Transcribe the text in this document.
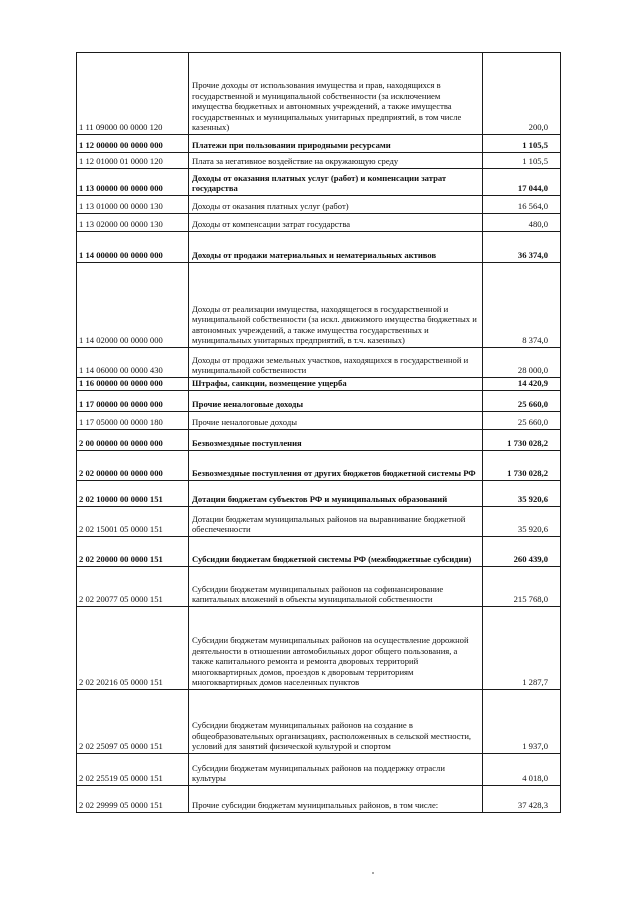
1 11 09000 00 0000 120	Прочие доходы от использования имущества и прав, находящихся в государственной и муниципальной собственности (за исключением имущества бюджетных и автономных учреждений, а также имущества государственных и муниципальных унитарных предприятий, в том числе казенных)	200,0
1 12 00000 00 0000 000	Платежи при пользовании природными ресурсами	1 105,5
1 12 01000 01 0000 120	Плата за негативное воздействие на окружающую среду	1 105,5
1 13 00000 00 0000 000	Доходы от оказания платных услуг (работ) и компенсации затрат государства	17 044,0
1 13 01000 00 0000 130	Доходы от оказания платных услуг (работ)	16 564,0
1 13 02000 00 0000 130	Доходы от компенсации затрат государства	480,0
1 14 00000 00 0000 000	Доходы от продажи материальных и нематериальных активов	36 374,0
1 14 02000 00 0000 000	Доходы от реализации имущества, находящегося в государственной и муниципальной собственности (за искл. движимого имущества бюджетных и автономных учреждений, а также имущества государственных и муниципальных унитарных предприятий, в т.ч. казенных)	8 374,0
1 14 06000 00 0000 430	Доходы от продажи земельных участков, находящихся в государственной и муниципальной собственности	28 000,0
1 16 00000 00 0000 000	Штрафы, санкции, возмещение ущерба	14 420,9
1 17 00000 00 0000 000	Прочие неналоговые доходы	25 660,0
1 17 05000 00 0000 180	Прочие неналоговые доходы	25 660,0
2 00 00000 00 0000 000	Безвозмездные поступления	1 730 028,2
2 02 00000 00 0000 000	Безвозмездные поступления от других бюджетов бюджетной системы РФ	1 730 028,2
2 02 10000 00 0000 151	Дотации бюджетам субъектов РФ и муниципальных образований	35 920,6
2 02 15001 05 0000 151	Дотации бюджетам муниципальных районов на выравнивание бюджетной обеспеченности	35 920,6
2 02 20000 00 0000 151	Субсидии бюджетам бюджетной системы РФ (межбюджетные субсидии)	260 439,0
2 02 20077 05 0000 151	Субсидии бюджетам муниципальных районов на софинансирование капитальных вложений в объекты муниципальной собственности	215 768,0
2 02 20216 05 0000 151	Субсидии бюджетам муниципальных районов на осуществление дорожной деятельности в отношении автомобильных дорог общего пользования, а также капитального ремонта и ремонта дворовых территорий многоквартирных домов, проездов к дворовым территориям многоквартирных домов населенных пунктов	1 287,7
2 02 25097 05 0000 151	Субсидии бюджетам муниципальных районов на создание в общеобразовательных организациях, расположенных в сельской местности, условий для занятий физической культурой и спортом	1 937,0
2 02 25519 05 0000 151	Субсидии бюджетам муниципальных районов на поддержку отрасли культуры	4 018,0
2 02 29999 05 0000 151	Прочие субсидии бюджетам муниципальных районов, в том числе:	37 428,3
